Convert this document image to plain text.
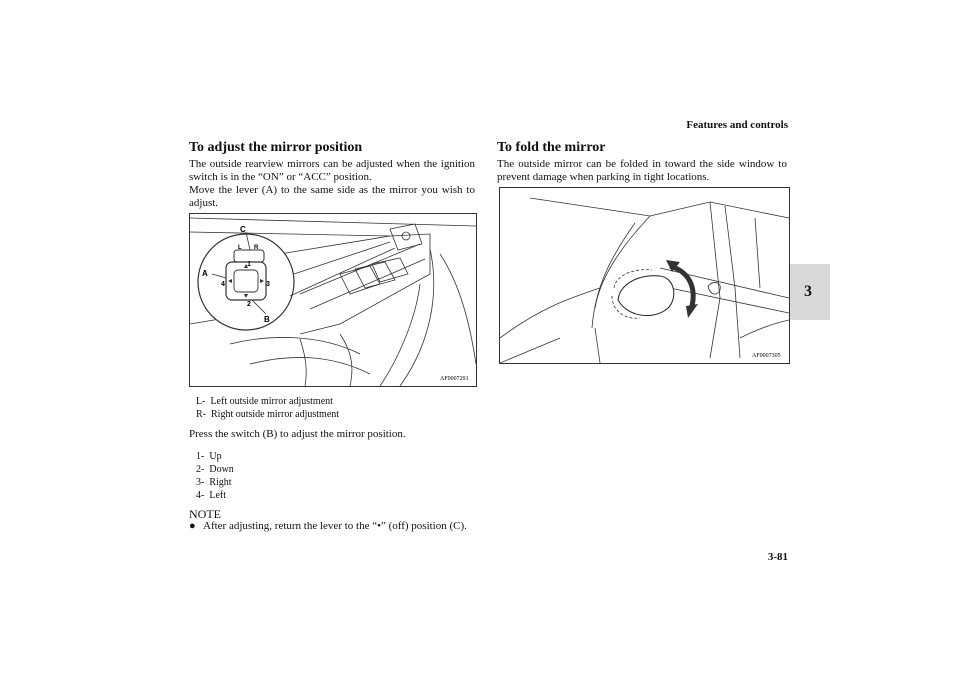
Features and controls
3
To adjust the mirror position

The outside rearview mirrors can be adjusted when the ignition switch is in the “ON” or “ACC” position.

Move the lever (A) to the same side as the mirror you wish to adjust.

C
A
B
L R
1
2
3
4
AF0007291
L- Left outside mirror adjustment
R- Right outside mirror adjustment
Press the switch (B) to adjust the mirror position.
1- Up
2- Down
3- Right
4- Left
NOTE
● After adjusting, return the lever to the “•” (off) position (C).
To fold the mirror

The outside mirror can be folded in toward the side window to prevent damage when parking in tight locations.

AF0007305
3-81
